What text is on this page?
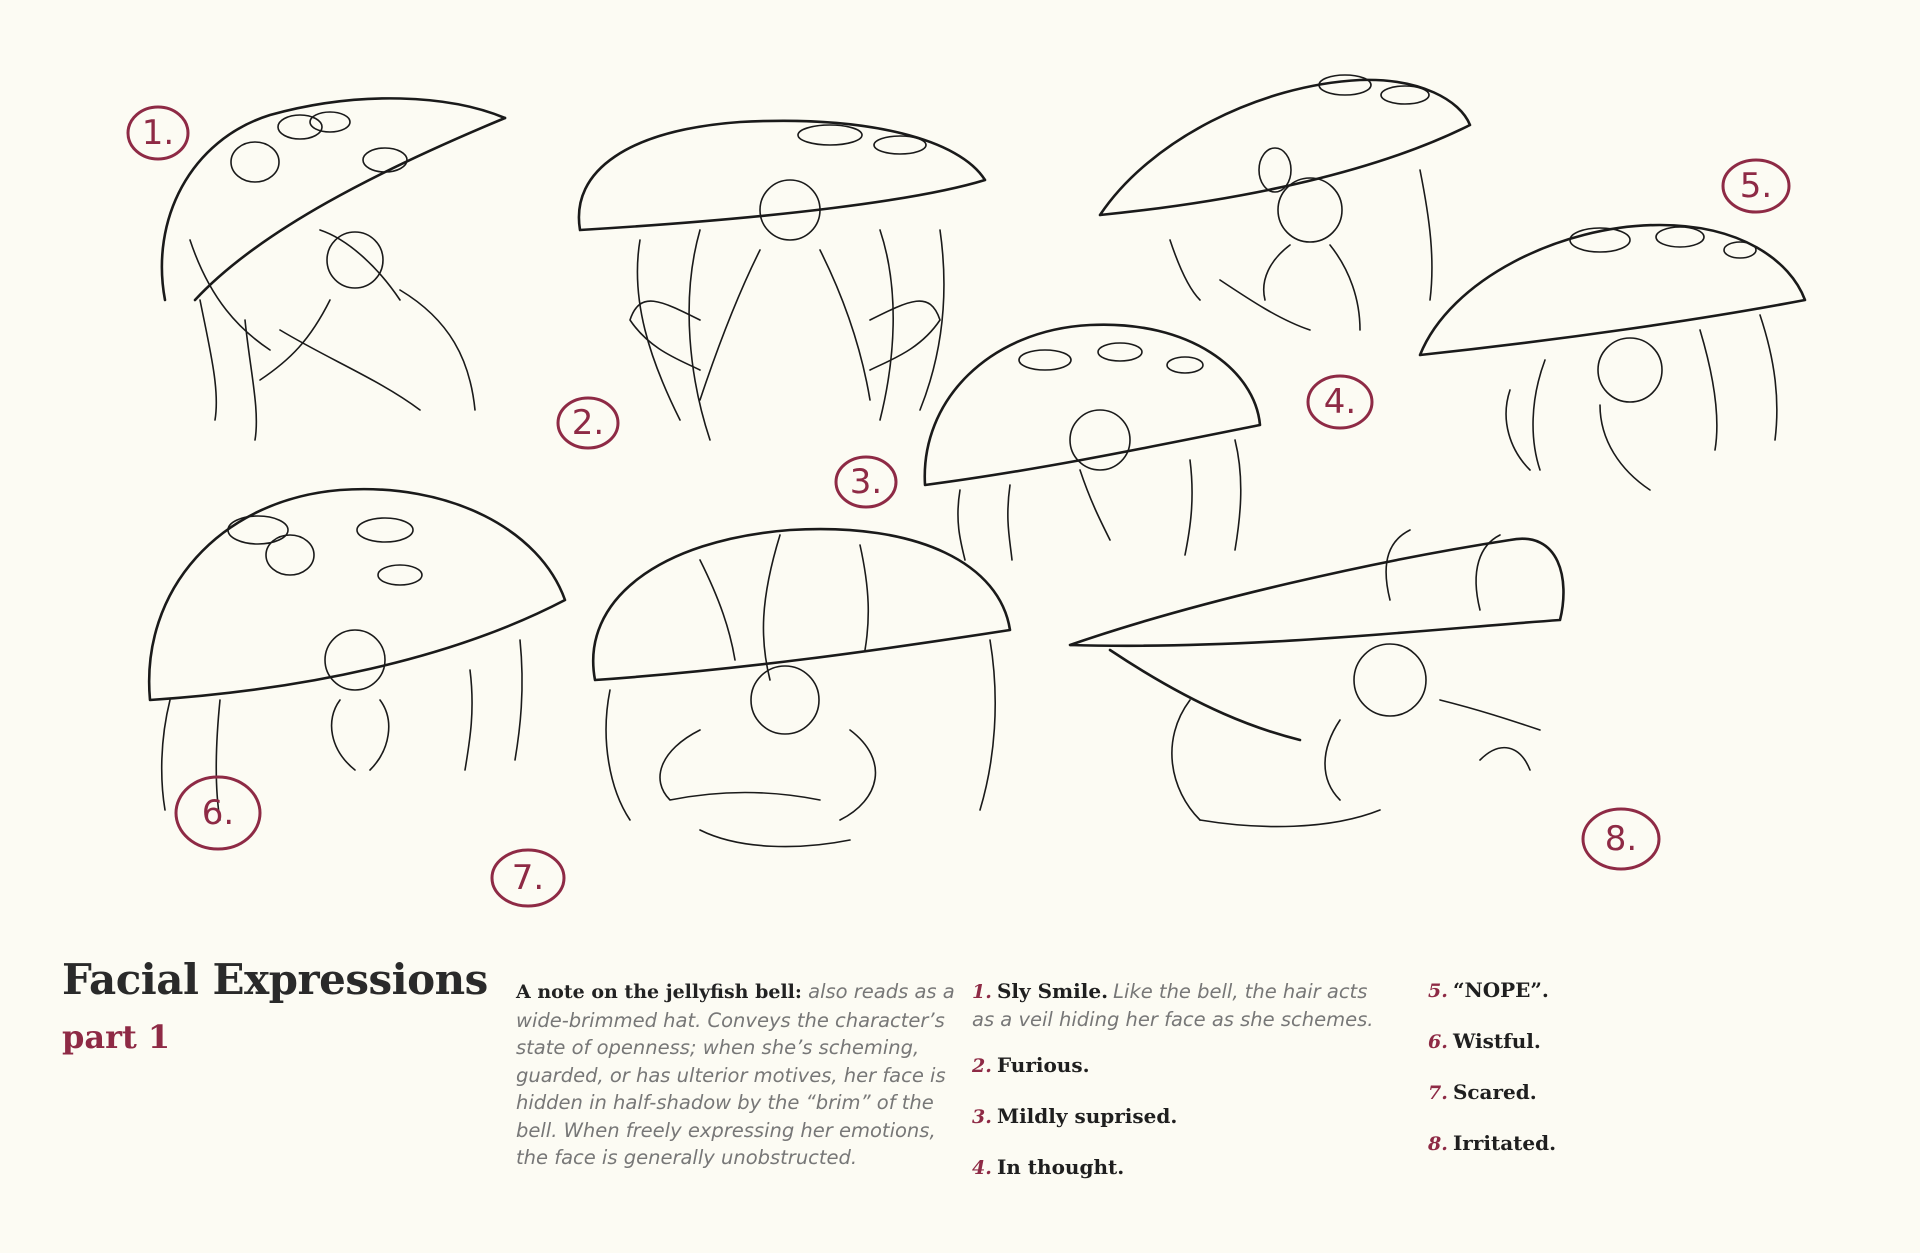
1.
2.
3.
4.
5.
6.
7.
8.
Facial Expressions
part 1
A note on the jellyfish bell: also reads as a wide-brimmed hat. Conveys the character’s state of openness; when she’s scheming, guarded, or has ulterior motives, her face is hidden in half-shadow by the “brim” of the bell. When freely expressing her emotions, the face is generally unobstructed.
1. Sly Smile. Like the bell, the hair acts as a veil hiding her face as she schemes.
2. Furious.
3. Mildly suprised.
4. In thought.
5. “NOPE”.
6. Wistful.
7. Scared.
8. Irritated.
